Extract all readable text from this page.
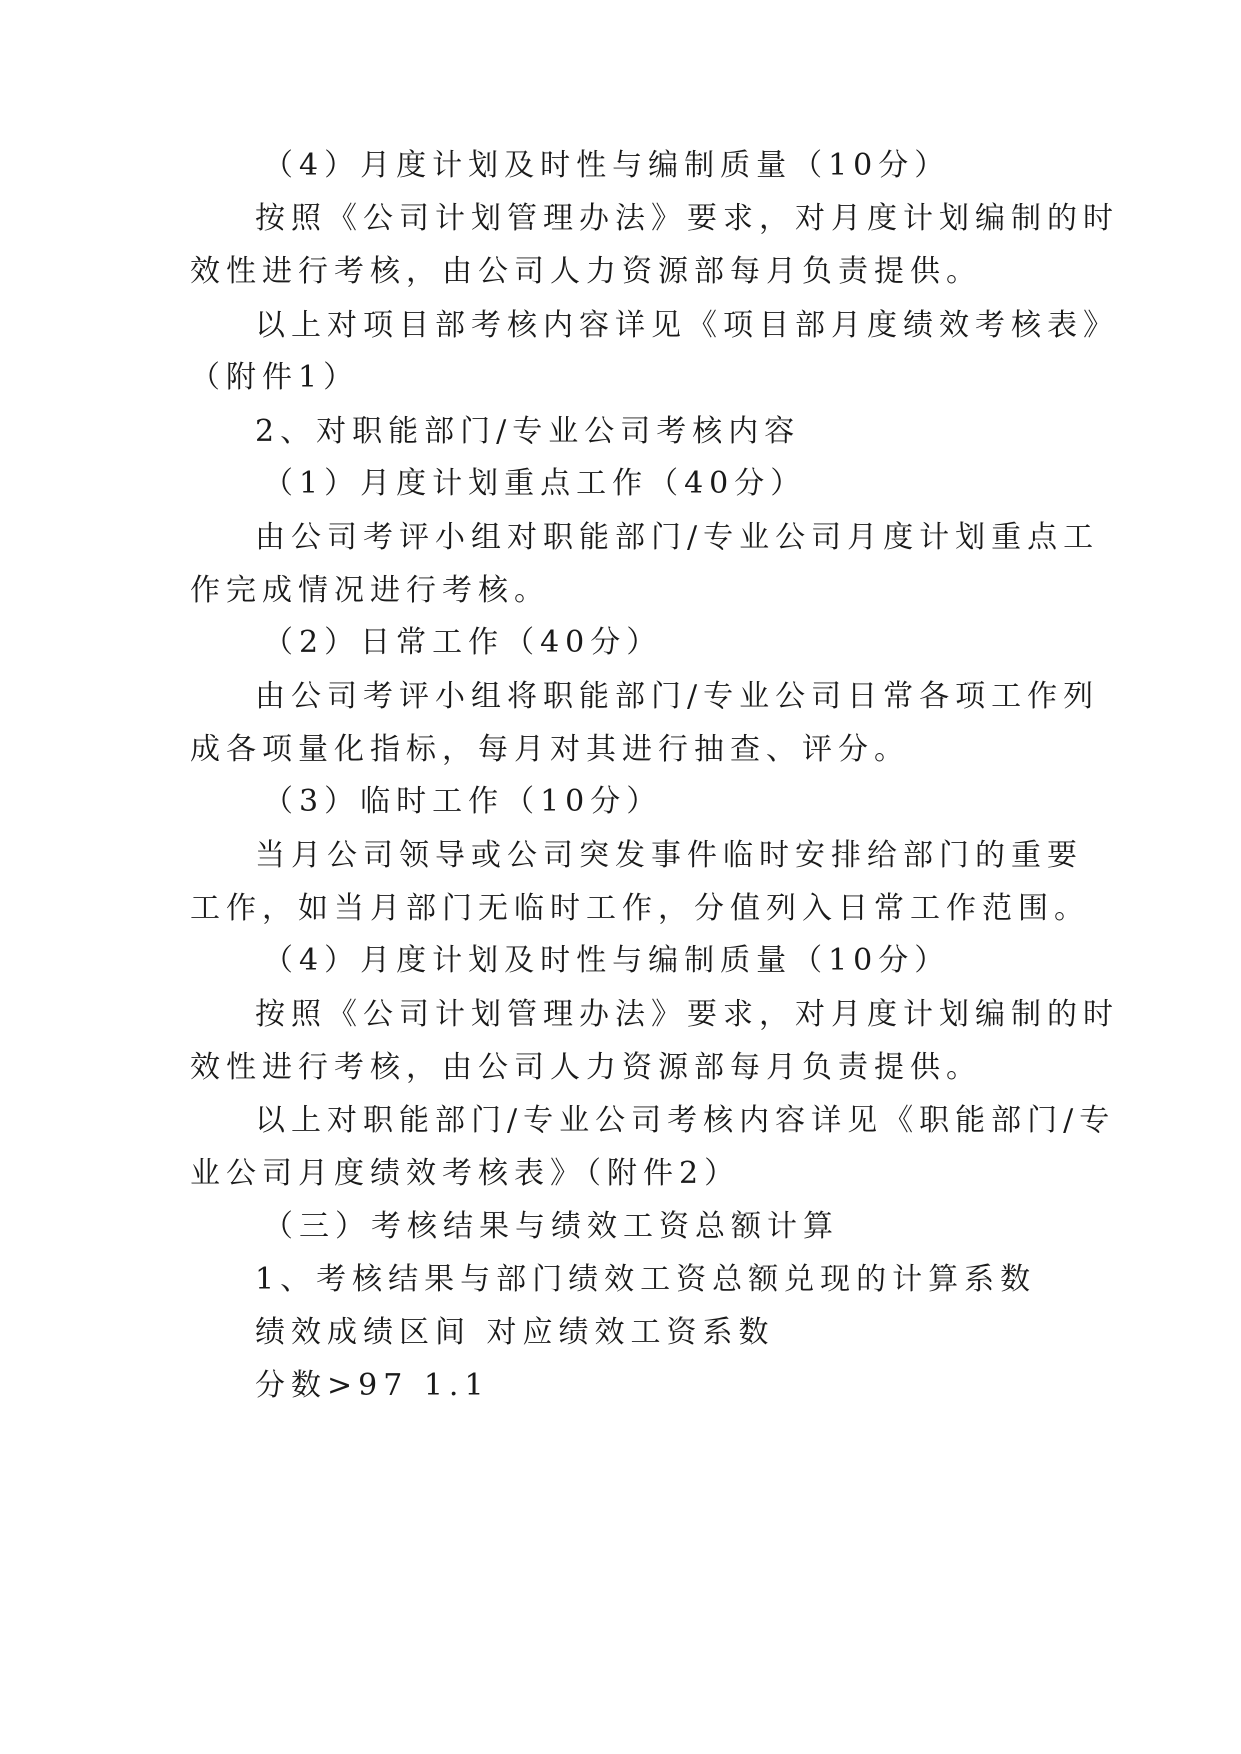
（4）月度计划及时性与编制质量（10分）
按照《公司计划管理办法》要求，对月度计划编制的时
效性进行考核，由公司人力资源部每月负责提供。
以上对项目部考核内容详见《项目部月度绩效考核表》
（附件1）
2、对职能部门/专业公司考核内容
（1）月度计划重点工作（40分）
由公司考评小组对职能部门/专业公司月度计划重点工
作完成情况进行考核。
（2）日常工作（40分）
由公司考评小组将职能部门/专业公司日常各项工作列
成各项量化指标，每月对其进行抽查、评分。
（3）临时工作（10分）
当月公司领导或公司突发事件临时安排给部门的重要
工作，如当月部门无临时工作，分值列入日常工作范围。
（4）月度计划及时性与编制质量（10分）
按照《公司计划管理办法》要求，对月度计划编制的时
效性进行考核，由公司人力资源部每月负责提供。
以上对职能部门/专业公司考核内容详见《职能部门/专
业公司月度绩效考核表》（附件2）
（三）考核结果与绩效工资总额计算
1、考核结果与部门绩效工资总额兑现的计算系数
绩效成绩区间 对应绩效工资系数
分数>97 1.1
